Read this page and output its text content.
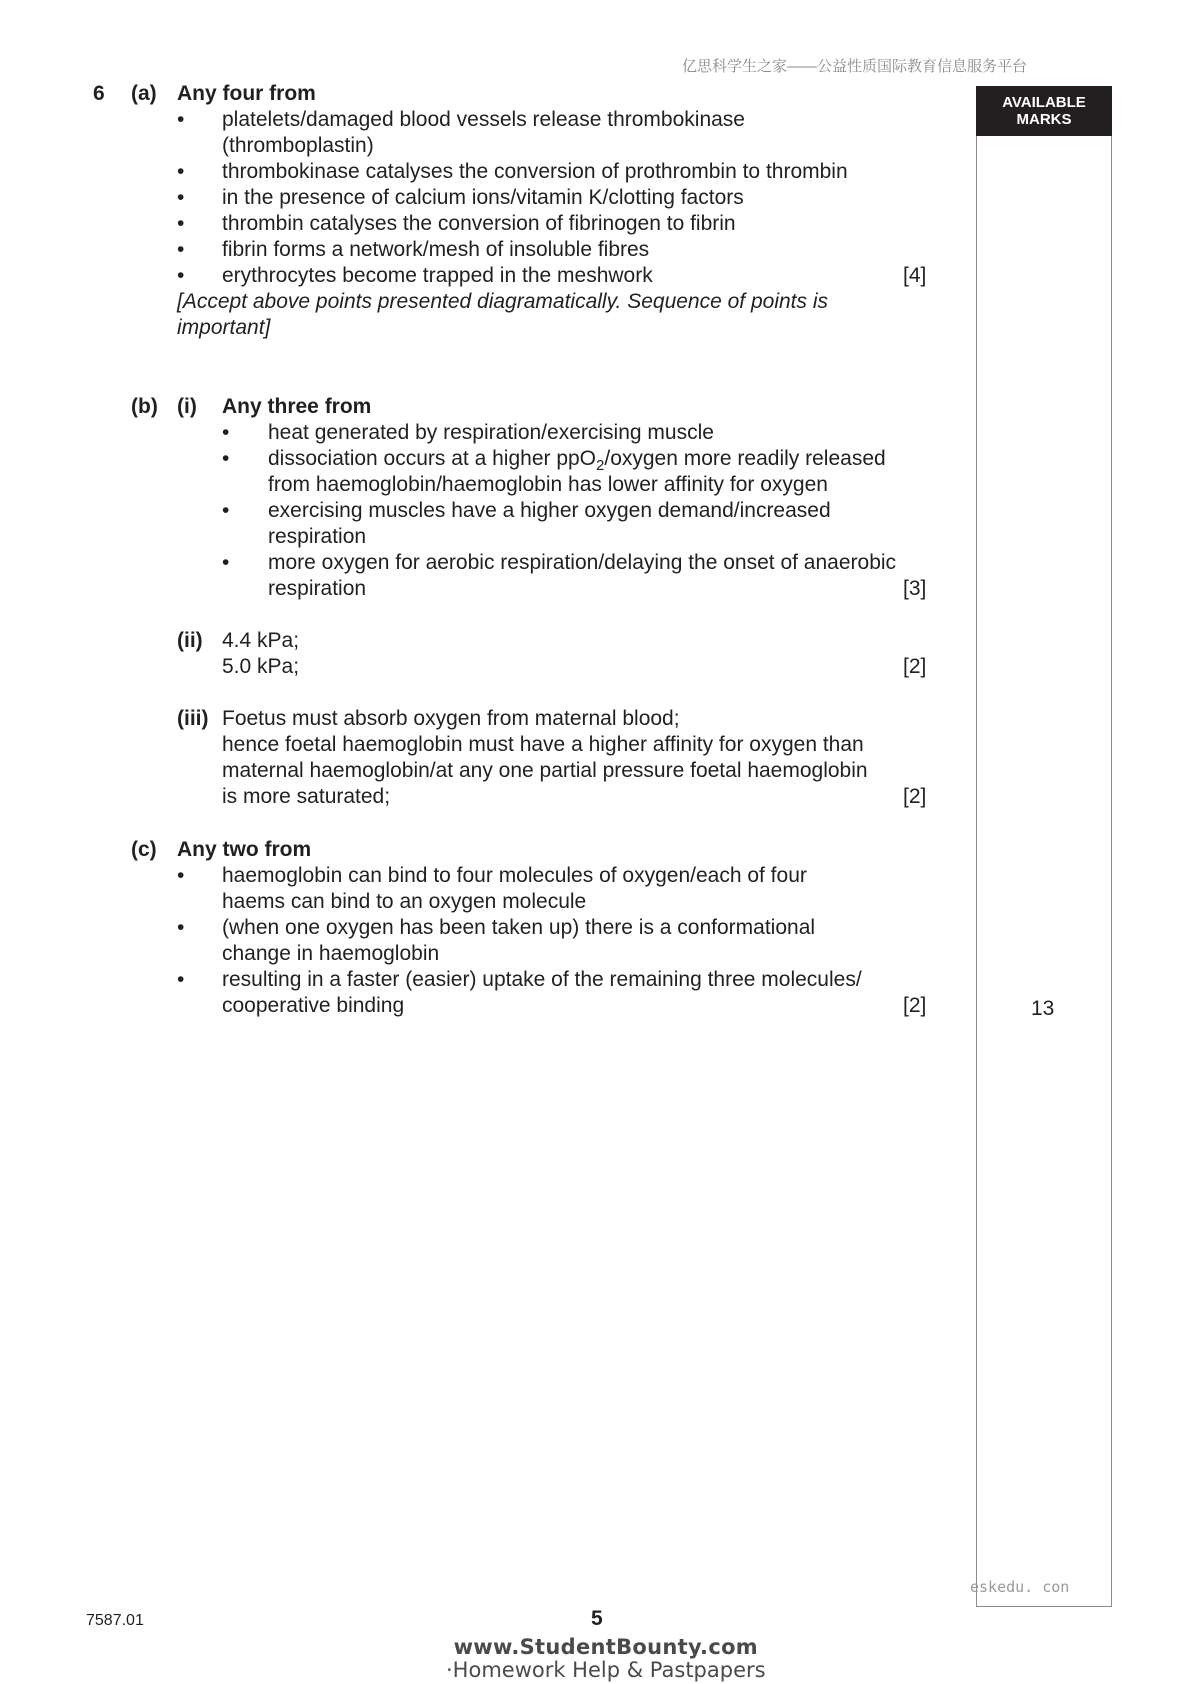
亿思科学生之家——公益性质国际教育信息服务平台
AVAILABLE
MARKS
13
6 (a) Any four from
• platelets/damaged blood vessels release thrombokinase
(thromboplastin)
• thrombokinase catalyses the conversion of prothrombin to thrombin
• in the presence of calcium ions/vitamin K/clotting factors
• thrombin catalyses the conversion of fibrinogen to fibrin
• fibrin forms a network/mesh of insoluble fibres
• erythrocytes become trapped in the meshwork	[4]
[Accept above points presented diagramatically. Sequence of points is
important]
(b) (i) Any three from
• heat generated by respiration/exercising muscle
• dissociation occurs at a higher ppO$_2$/oxygen more readily released
from haemoglobin/haemoglobin has lower affinity for oxygen
• exercising muscles have a higher oxygen demand/increased
respiration
• more oxygen for aerobic respiration/delaying the onset of anaerobic
respiration	[3]
(ii) 4.4 kPa;
5.0 kPa;	[2]
(iii) Foetus must absorb oxygen from maternal blood;
hence foetal haemoglobin must have a higher affinity for oxygen than
maternal haemoglobin/at any one partial pressure foetal haemoglobin
is more saturated;	[2]
(c) Any two from
• haemoglobin can bind to four molecules of oxygen/each of four
haems can bind to an oxygen molecule
• (when one oxygen has been taken up) there is a conformational
change in haemoglobin
• resulting in a faster (easier) uptake of the remaining three molecules/
cooperative binding	[2]
eskedu. con
7587.01	5
www.StudentBounty.com
·Homework Help & Pastpapers
